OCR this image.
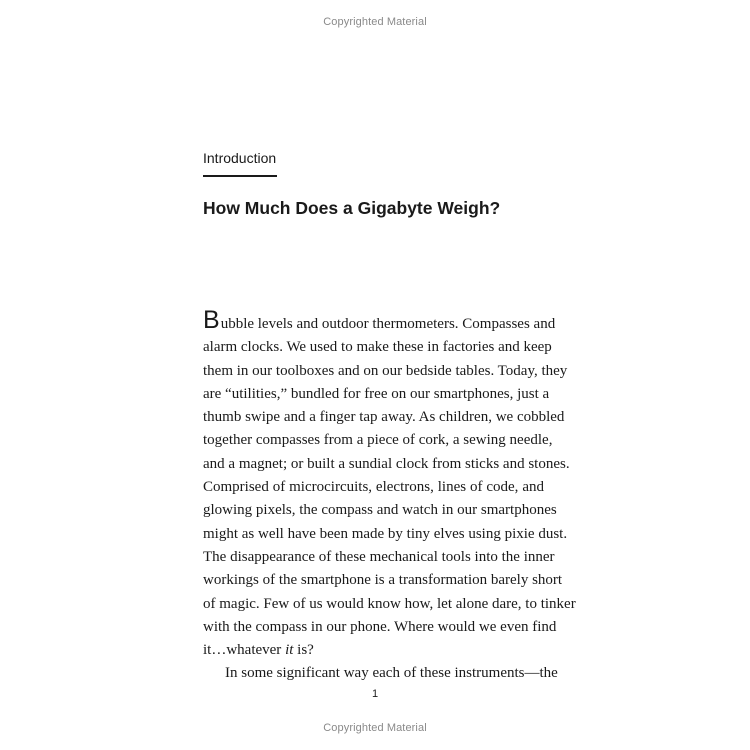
Copyrighted Material
Introduction
How Much Does a Gigabyte Weigh?
Bubble levels and outdoor thermometers. Compasses and
alarm clocks. We used to make these in factories and keep
them in our toolboxes and on our bedside tables. Today, they
are “utilities,” bundled for free on our smartphones, just a
thumb swipe and a finger tap away. As children, we cobbled
together compasses from a piece of cork, a sewing needle,
and a magnet; or built a sundial clock from sticks and stones.
Comprised of microcircuits, electrons, lines of code, and
glowing pixels, the compass and watch in our smartphones
might as well have been made by tiny elves using pixie dust.
The disappearance of these mechanical tools into the inner
workings of the smartphone is a transformation barely short
of magic. Few of us would know how, let alone dare, to tinker
with the compass in our phone. Where would we even find
it…whatever it is?
In some significant way each of these instruments—the
1
Copyrighted Material
